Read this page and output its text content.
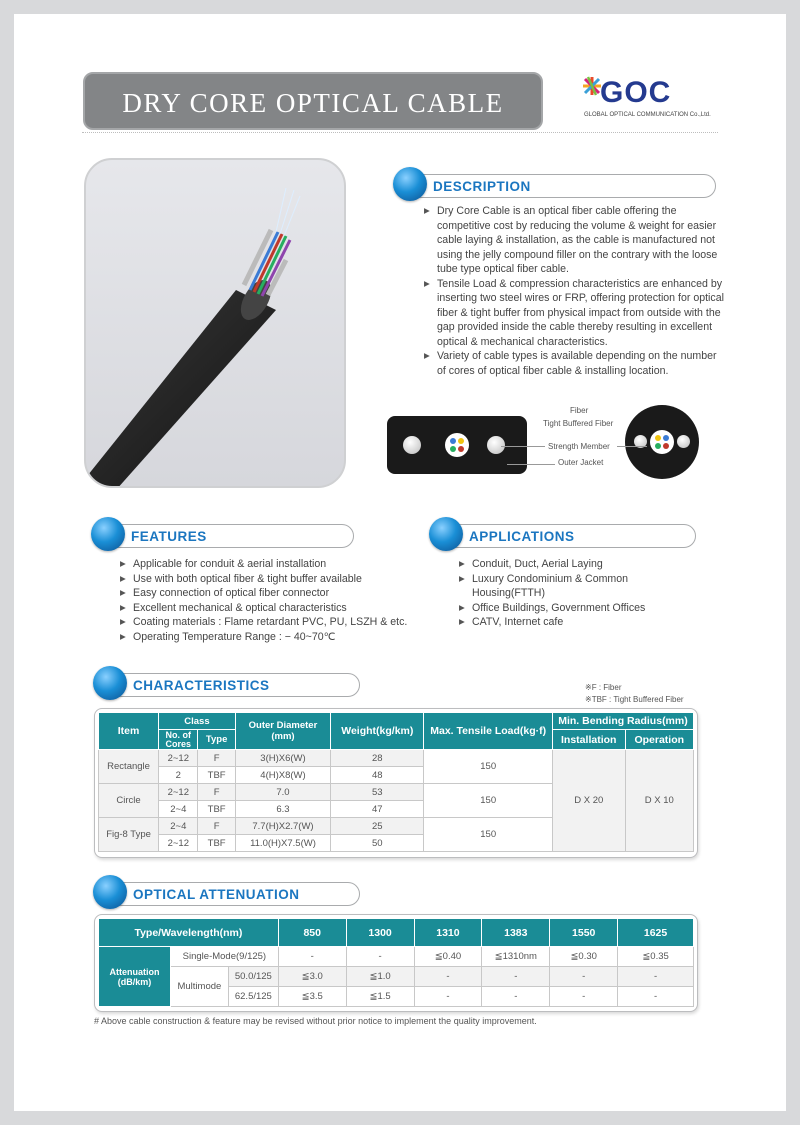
DRY CORE OPTICAL CABLE	GOC
GLOBAL OPTICAL COMMUNICATION Co.,Ltd.
DESCRIPTION
▶ Dry Core Cable is an optical fiber cable offering the competitive cost by reducing the volume & weight for easier cable laying & installation, as the cable is manufactured not using the jelly compound filler on the contrary with the loose tube type optical fiber cable.
▶ Tensile Load & compression characteristics are enhanced by inserting two steel wires or FRP, offering protection for optical fiber & tight buffer from physical impact from outside with the gap provided inside the cable thereby resulting in excellent optical & mechanical characteristics.
▶ Variety of cable types is available depending on the number of cores of optical fiber cable & installing location.
Fiber
Tight Buffered Fiber
Strength Member
Outer Jacket
FEATURES
▶ Applicable for conduit & aerial installation
▶ Use with both optical fiber & tight buffer available
▶ Easy connection of optical fiber connector
▶ Excellent mechanical & optical characteristics
▶ Coating materials : Flame retardant PVC, PU, LSZH & etc.
▶ Operating Temperature Range : − 40~70℃
APPLICATIONS
▶ Conduit, Duct, Aerial Laying
▶ Luxury Condominium & Common Housing(FTTH)
▶ Office Buildings, Government Offices
▶ CATV, Internet cafe
CHARACTERISTICS	※F : Fiber
※TBF : Tight Buffered Fiber
Item	Class		Outer Diameter (mm)	Weight(kg/km)	Max. Tensile Load(kg·f)	Min. Bending Radius(mm)	
	No. of Cores	Type				Installation	Operation
Rectangle	2~12	F	3(H)X6(W)	28	150	D X 20	D X 10
	2	TBF	4(H)X8(W)	48			
Circle	2~12	F	7.0	53	150		
	2~4	TBF	6.3	47			
Fig-8 Type	2~4	F	7.7(H)X2.7(W)	25	150		
	2~12	TBF	11.0(H)X7.5(W)	50			
OPTICAL ATTENUATION
Type/Wavelength(nm)			850	1300	1310	1383	1550	1625
Attenuation (dB/km)	Single-Mode(9/125)		-	-	≦0.40	≦1310nm	≦0.30	≦0.35
	Multimode	50.0/125	≦3.0	≦1.0	-	-	-	-
		62.5/125	≦3.5	≦1.5	-	-	-	-
# Above cable construction & feature may be revised without prior notice to implement the quality improvement.
